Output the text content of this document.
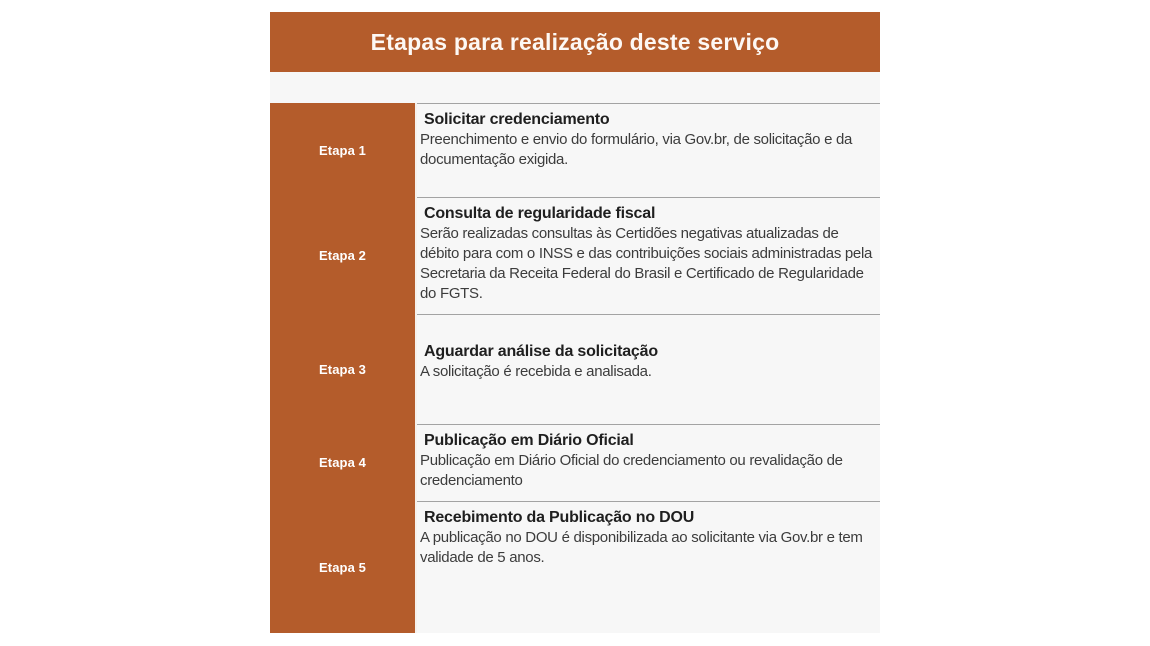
Etapas para realização deste serviço
Etapa 1
Solicitar credenciamento
Preenchimento e envio do formulário, via Gov.br, de solicitação e da documentação exigida.
Etapa 2
Consulta de regularidade fiscal
Serão realizadas consultas às Certidões negativas atualizadas de débito para com o INSS e das contribuições sociais administradas pela Secretaria da Receita Federal do Brasil e Certificado de Regularidade do FGTS.
Etapa 3
Aguardar análise da solicitação
A solicitação é recebida e analisada.
Etapa 4
Publicação em Diário Oficial
Publicação em Diário Oficial do credenciamento ou revalidação de credenciamento
Etapa 5
Recebimento da Publicação no DOU
A publicação no DOU é disponibilizada ao solicitante via Gov.br e tem validade de 5 anos.
